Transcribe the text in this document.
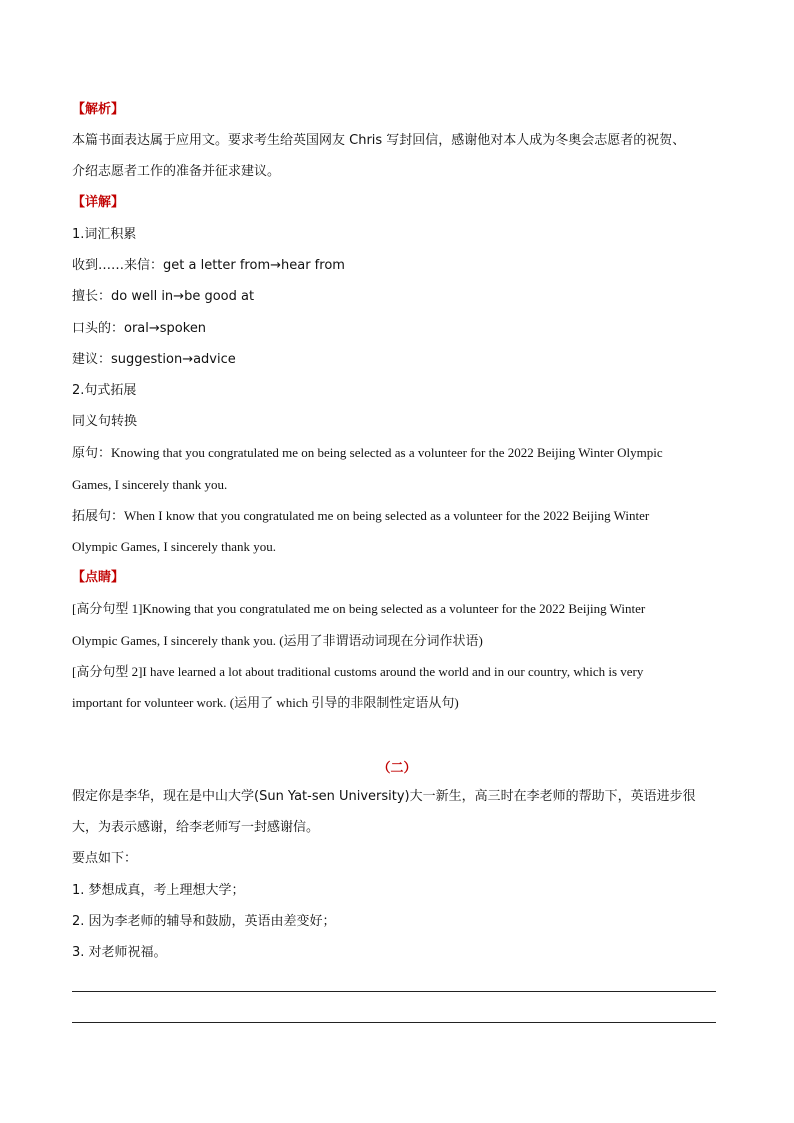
【解析】
本篇书面表达属于应用文。要求考生给英国网友 Chris 写封回信，感谢他对本人成为冬奥会志愿者的祝贺、
介绍志愿者工作的准备并征求建议。
【详解】
1.词汇积累
收到……来信：get a letter from→hear from
擅长：do well in→be good at
口头的：oral→spoken
建议：suggestion→advice
2.句式拓展
同义句转换
原句：Knowing that you congratulated me on being selected as a volunteer for the 2022 Beijing Winter Olympic
Games, I sincerely thank you.
拓展句：When I know that you congratulated me on being selected as a volunteer for the 2022 Beijing Winter
Olympic Games, I sincerely thank you.
【点睛】
[高分句型 1]Knowing that you congratulated me on being selected as a volunteer for the 2022 Beijing Winter
Olympic Games, I sincerely thank you. (运用了非谓语动词现在分词作状语)
[高分句型 2]I have learned a lot about traditional customs around the world and in our country, which is very
important for volunteer work. (运用了 which 引导的非限制性定语从句)
（二）
假定你是李华，现在是中山大学(Sun Yat-sen University)大一新生，高三时在李老师的帮助下，英语进步很
大，为表示感谢，给李老师写一封感谢信。
要点如下：
1. 梦想成真，考上理想大学；
2. 因为李老师的辅导和鼓励，英语由差变好；
3. 对老师祝福。
